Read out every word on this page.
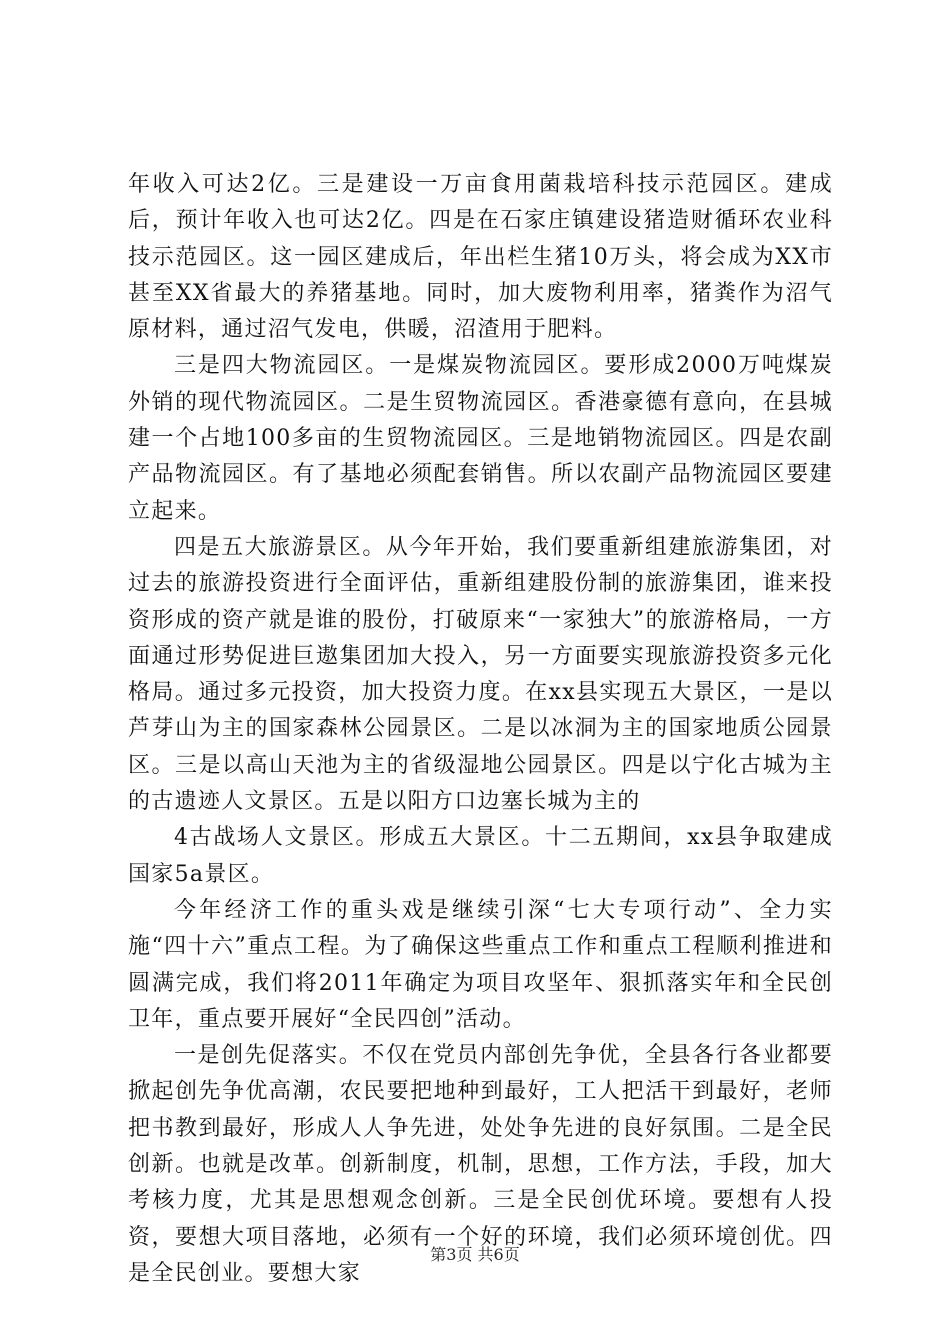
年收入可达2亿。三是建设一万亩食用菌栽培科技示范园区。建成后，预计年收入也可达2亿。四是在石家庄镇建设猪造财循环农业科技示范园区。这一园区建成后，年出栏生猪10万头，将会成为XX市甚至XX省最大的养猪基地。同时，加大废物利用率，猪粪作为沼气原材料，通过沼气发电，供暖，沼渣用于肥料。

三是四大物流园区。一是煤炭物流园区。要形成2000万吨煤炭外销的现代物流园区。二是生贸物流园区。香港豪德有意向，在县城建一个占地100多亩的生贸物流园区。三是地销物流园区。四是农副产品物流园区。有了基地必须配套销售。所以农副产品物流园区要建立起来。

四是五大旅游景区。从今年开始，我们要重新组建旅游集团，对过去的旅游投资进行全面评估，重新组建股份制的旅游集团，谁来投资形成的资产就是谁的股份，打破原来“一家独大”的旅游格局，一方面通过形势促进巨遨集团加大投入，另一方面要实现旅游投资多元化格局。通过多元投资，加大投资力度。在xx县实现五大景区，一是以芦芽山为主的国家森林公园景区。二是以冰洞为主的国家地质公园景区。三是以高山天池为主的省级湿地公园景区。四是以宁化古城为主的古遗迹人文景区。五是以阳方口边塞长城为主的

4古战场人文景区。形成五大景区。十二五期间，xx县争取建成国家5a景区。

今年经济工作的重头戏是继续引深“七大专项行动”、全力实施“四十六”重点工程。为了确保这些重点工作和重点工程顺利推进和圆满完成，我们将2011年确定为项目攻坚年、狠抓落实年和全民创卫年，重点要开展好“全民四创”活动。

一是创先促落实。不仅在党员内部创先争优，全县各行各业都要掀起创先争优高潮，农民要把地种到最好，工人把活干到最好，老师把书教到最好，形成人人争先进，处处争先进的良好氛围。二是全民创新。也就是改革。创新制度，机制，思想，工作方法，手段，加大考核力度，尤其是思想观念创新。三是全民创优环境。要想有人投资，要想大项目落地，必须有一个好的环境，我们必须环境创优。四是全民创业。要想大家

第3页 共6页
